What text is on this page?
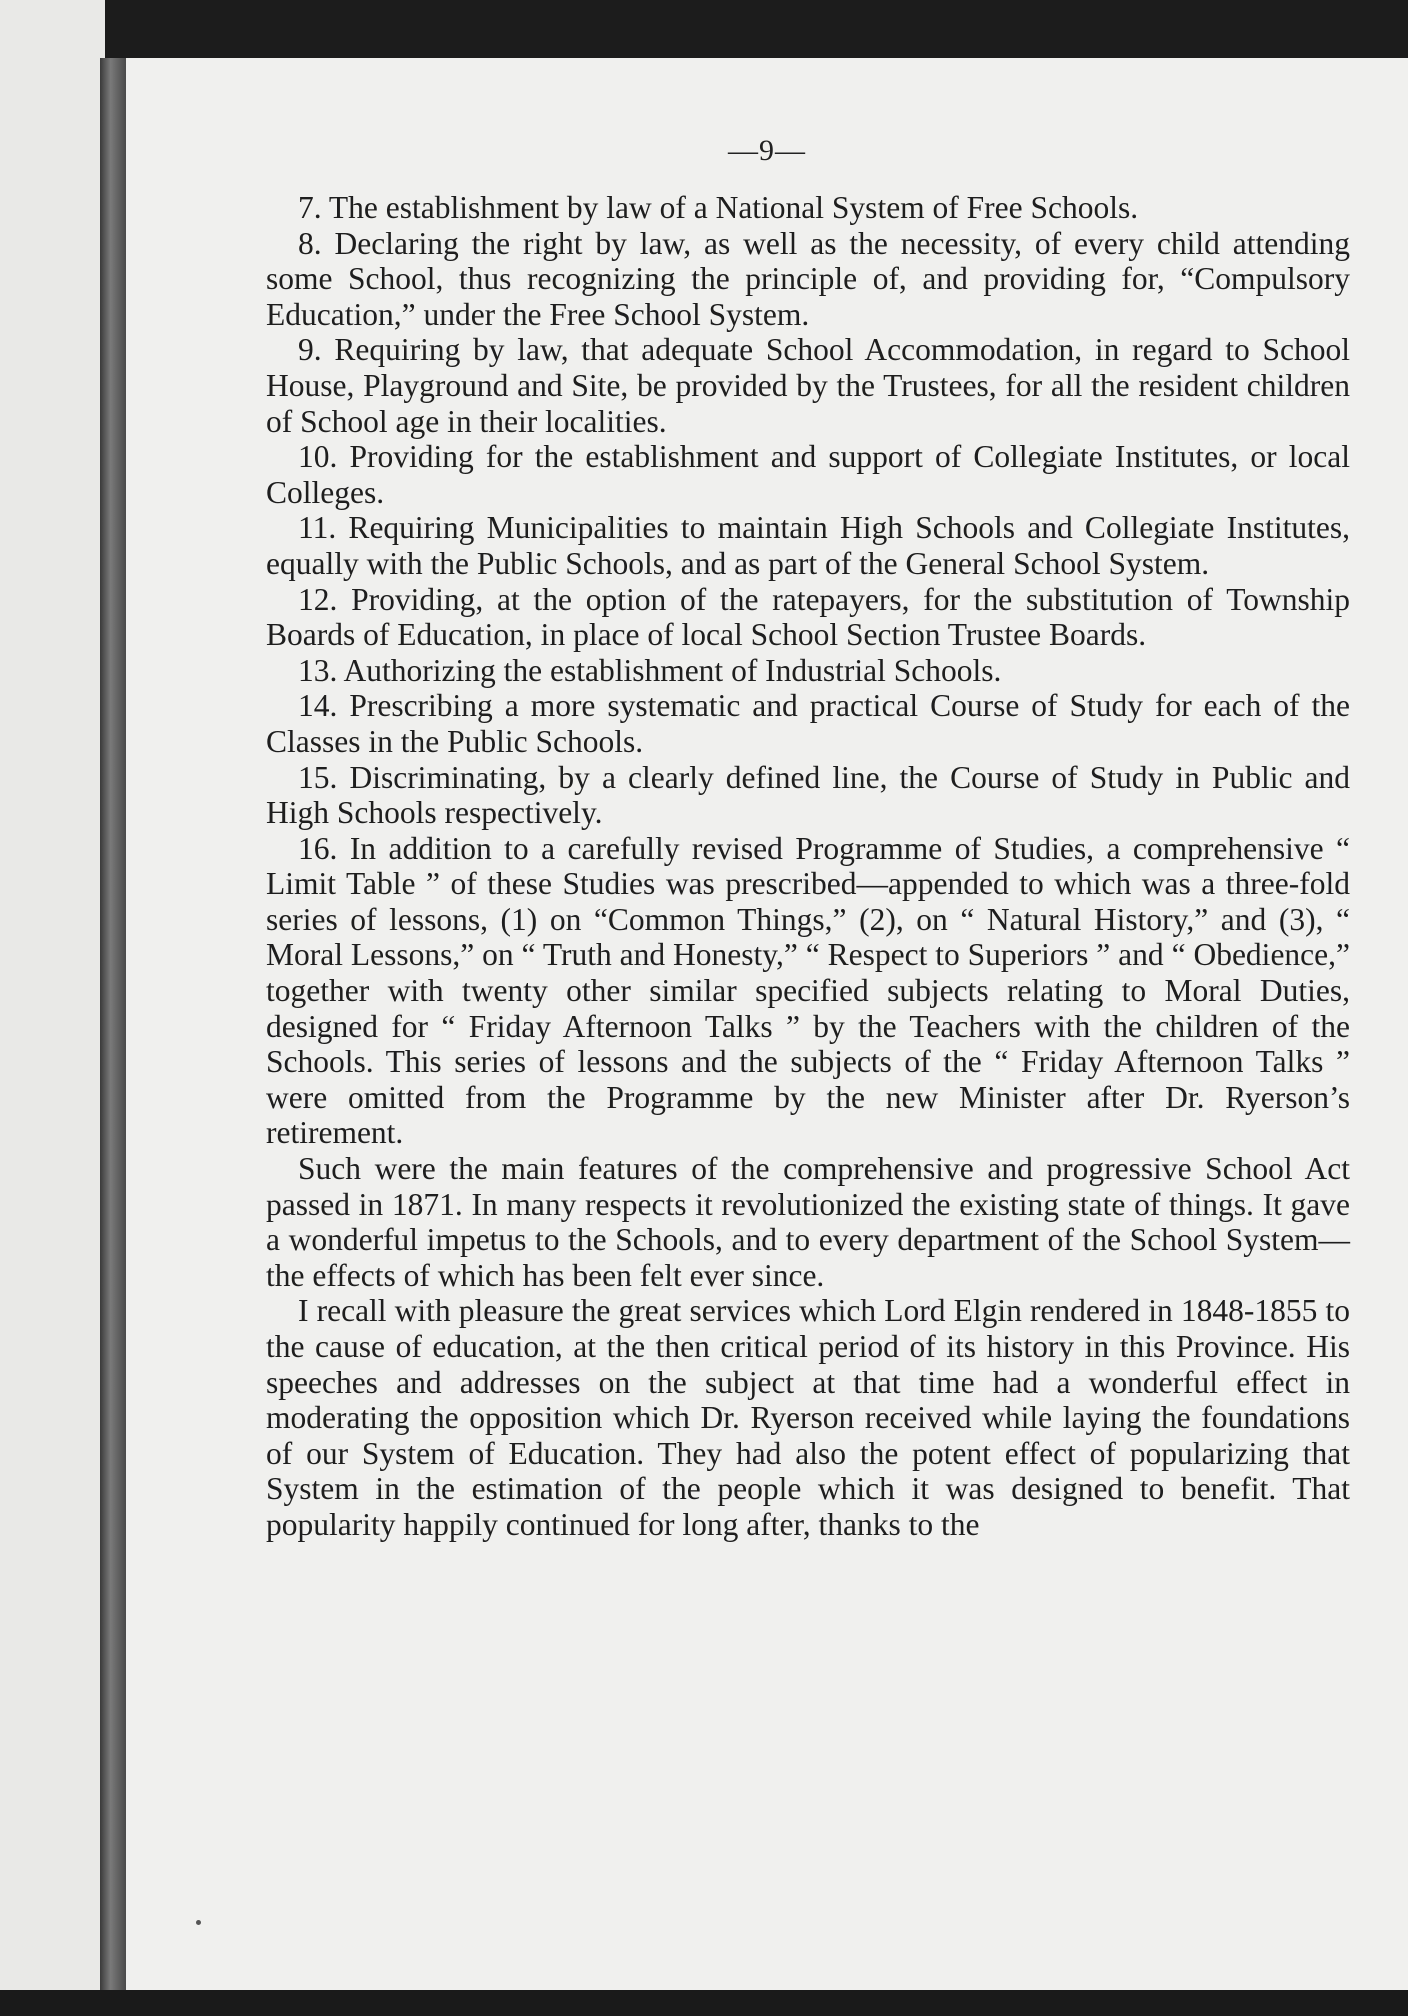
—9—

7. The establishment by law of a National System of Free Schools.

8. Declaring the right by law, as well as the necessity, of every child attending some School, thus recognizing the principle of, and providing for, “Compulsory Education,” under the Free School System.

9. Requiring by law, that adequate School Accommodation, in regard to School House, Playground and Site, be provided by the Trustees, for all the resident children of School age in their localities.

10. Providing for the establishment and support of Collegiate Institutes, or local Colleges.

11. Requiring Municipalities to maintain High Schools and Collegiate Institutes, equally with the Public Schools, and as part of the General School System.

12. Providing, at the option of the ratepayers, for the substitution of Township Boards of Education, in place of local School Section Trustee Boards.

13. Authorizing the establishment of Industrial Schools.

14. Prescribing a more systematic and practical Course of Study for each of the Classes in the Public Schools.

15. Discriminating, by a clearly defined line, the Course of Study in Public and High Schools respectively.

16. In addition to a carefully revised Programme of Studies, a comprehensive “ Limit Table ” of these Studies was prescribed—appended to which was a three-fold series of lessons, (1) on “Common Things,” (2), on “ Natural History,” and (3), “ Moral Lessons,” on “ Truth and Honesty,” “ Respect to Superiors ” and “ Obedience,” together with twenty other similar specified subjects relating to Moral Duties, designed for “ Friday Afternoon Talks ” by the Teachers with the children of the Schools. This series of lessons and the subjects of the “ Friday Afternoon Talks ” were omitted from the Programme by the new Minister after Dr. Ryerson’s retirement.

Such were the main features of the comprehensive and progressive School Act passed in 1871. In many respects it revolutionized the existing state of things. It gave a wonderful impetus to the Schools, and to every department of the School System—the effects of which has been felt ever since.

I recall with pleasure the great services which Lord Elgin rendered in 1848-1855 to the cause of education, at the then critical period of its history in this Province. His speeches and addresses on the subject at that time had a wonderful effect in moderating the opposition which Dr. Ryerson received while laying the foundations of our System of Education. They had also the potent effect of popularizing that System in the estimation of the people which it was designed to benefit. That popularity happily continued for long after, thanks to the
